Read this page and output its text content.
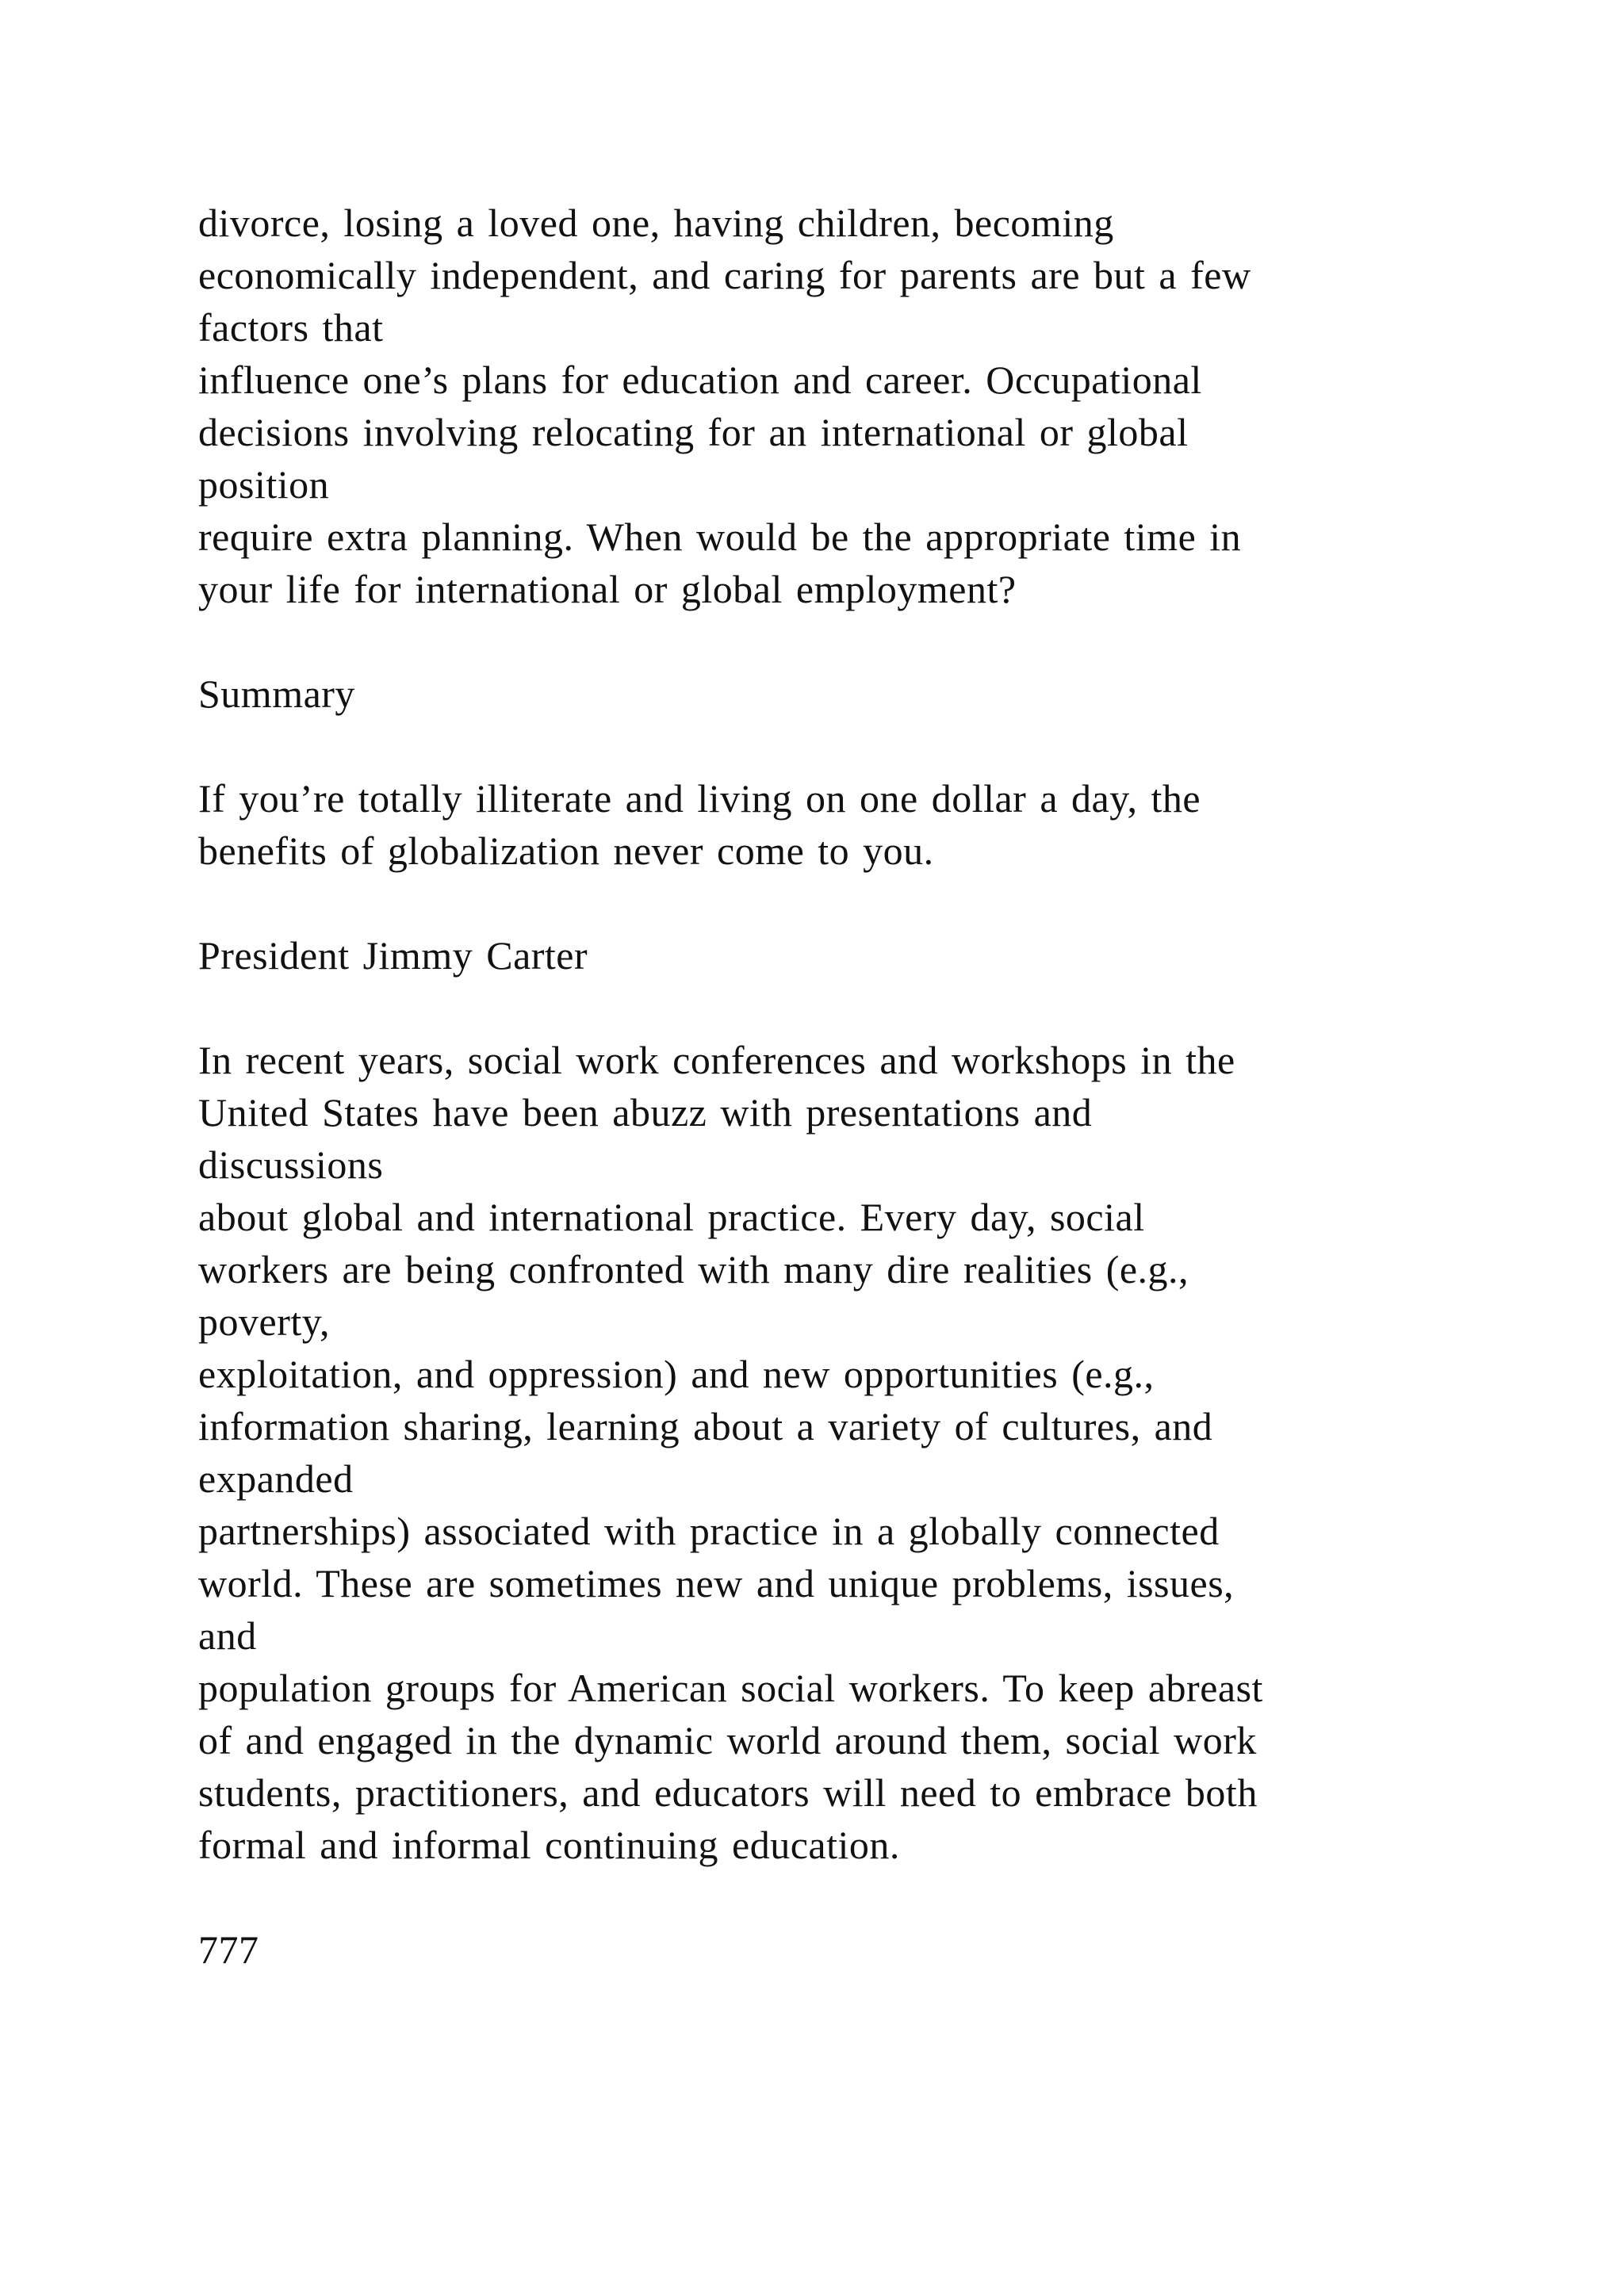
divorce, losing a loved one, having children, becoming
economically independent, and caring for parents are but a few
factors that
influence one’s plans for education and career. Occupational
decisions involving relocating for an international or global
position
require extra planning. When would be the appropriate time in
your life for international or global employment?
Summary
If you’re totally illiterate and living on one dollar a day, the
benefits of globalization never come to you.
President Jimmy Carter
In recent years, social work conferences and workshops in the
United States have been abuzz with presentations and
discussions
about global and international practice. Every day, social
workers are being confronted with many dire realities (e.g.,
poverty,
exploitation, and oppression) and new opportunities (e.g.,
information sharing, learning about a variety of cultures, and
expanded
partnerships) associated with practice in a globally connected
world. These are sometimes new and unique problems, issues,
and
population groups for American social workers. To keep abreast
of and engaged in the dynamic world around them, social work
students, practitioners, and educators will need to embrace both
formal and informal continuing education.
777
